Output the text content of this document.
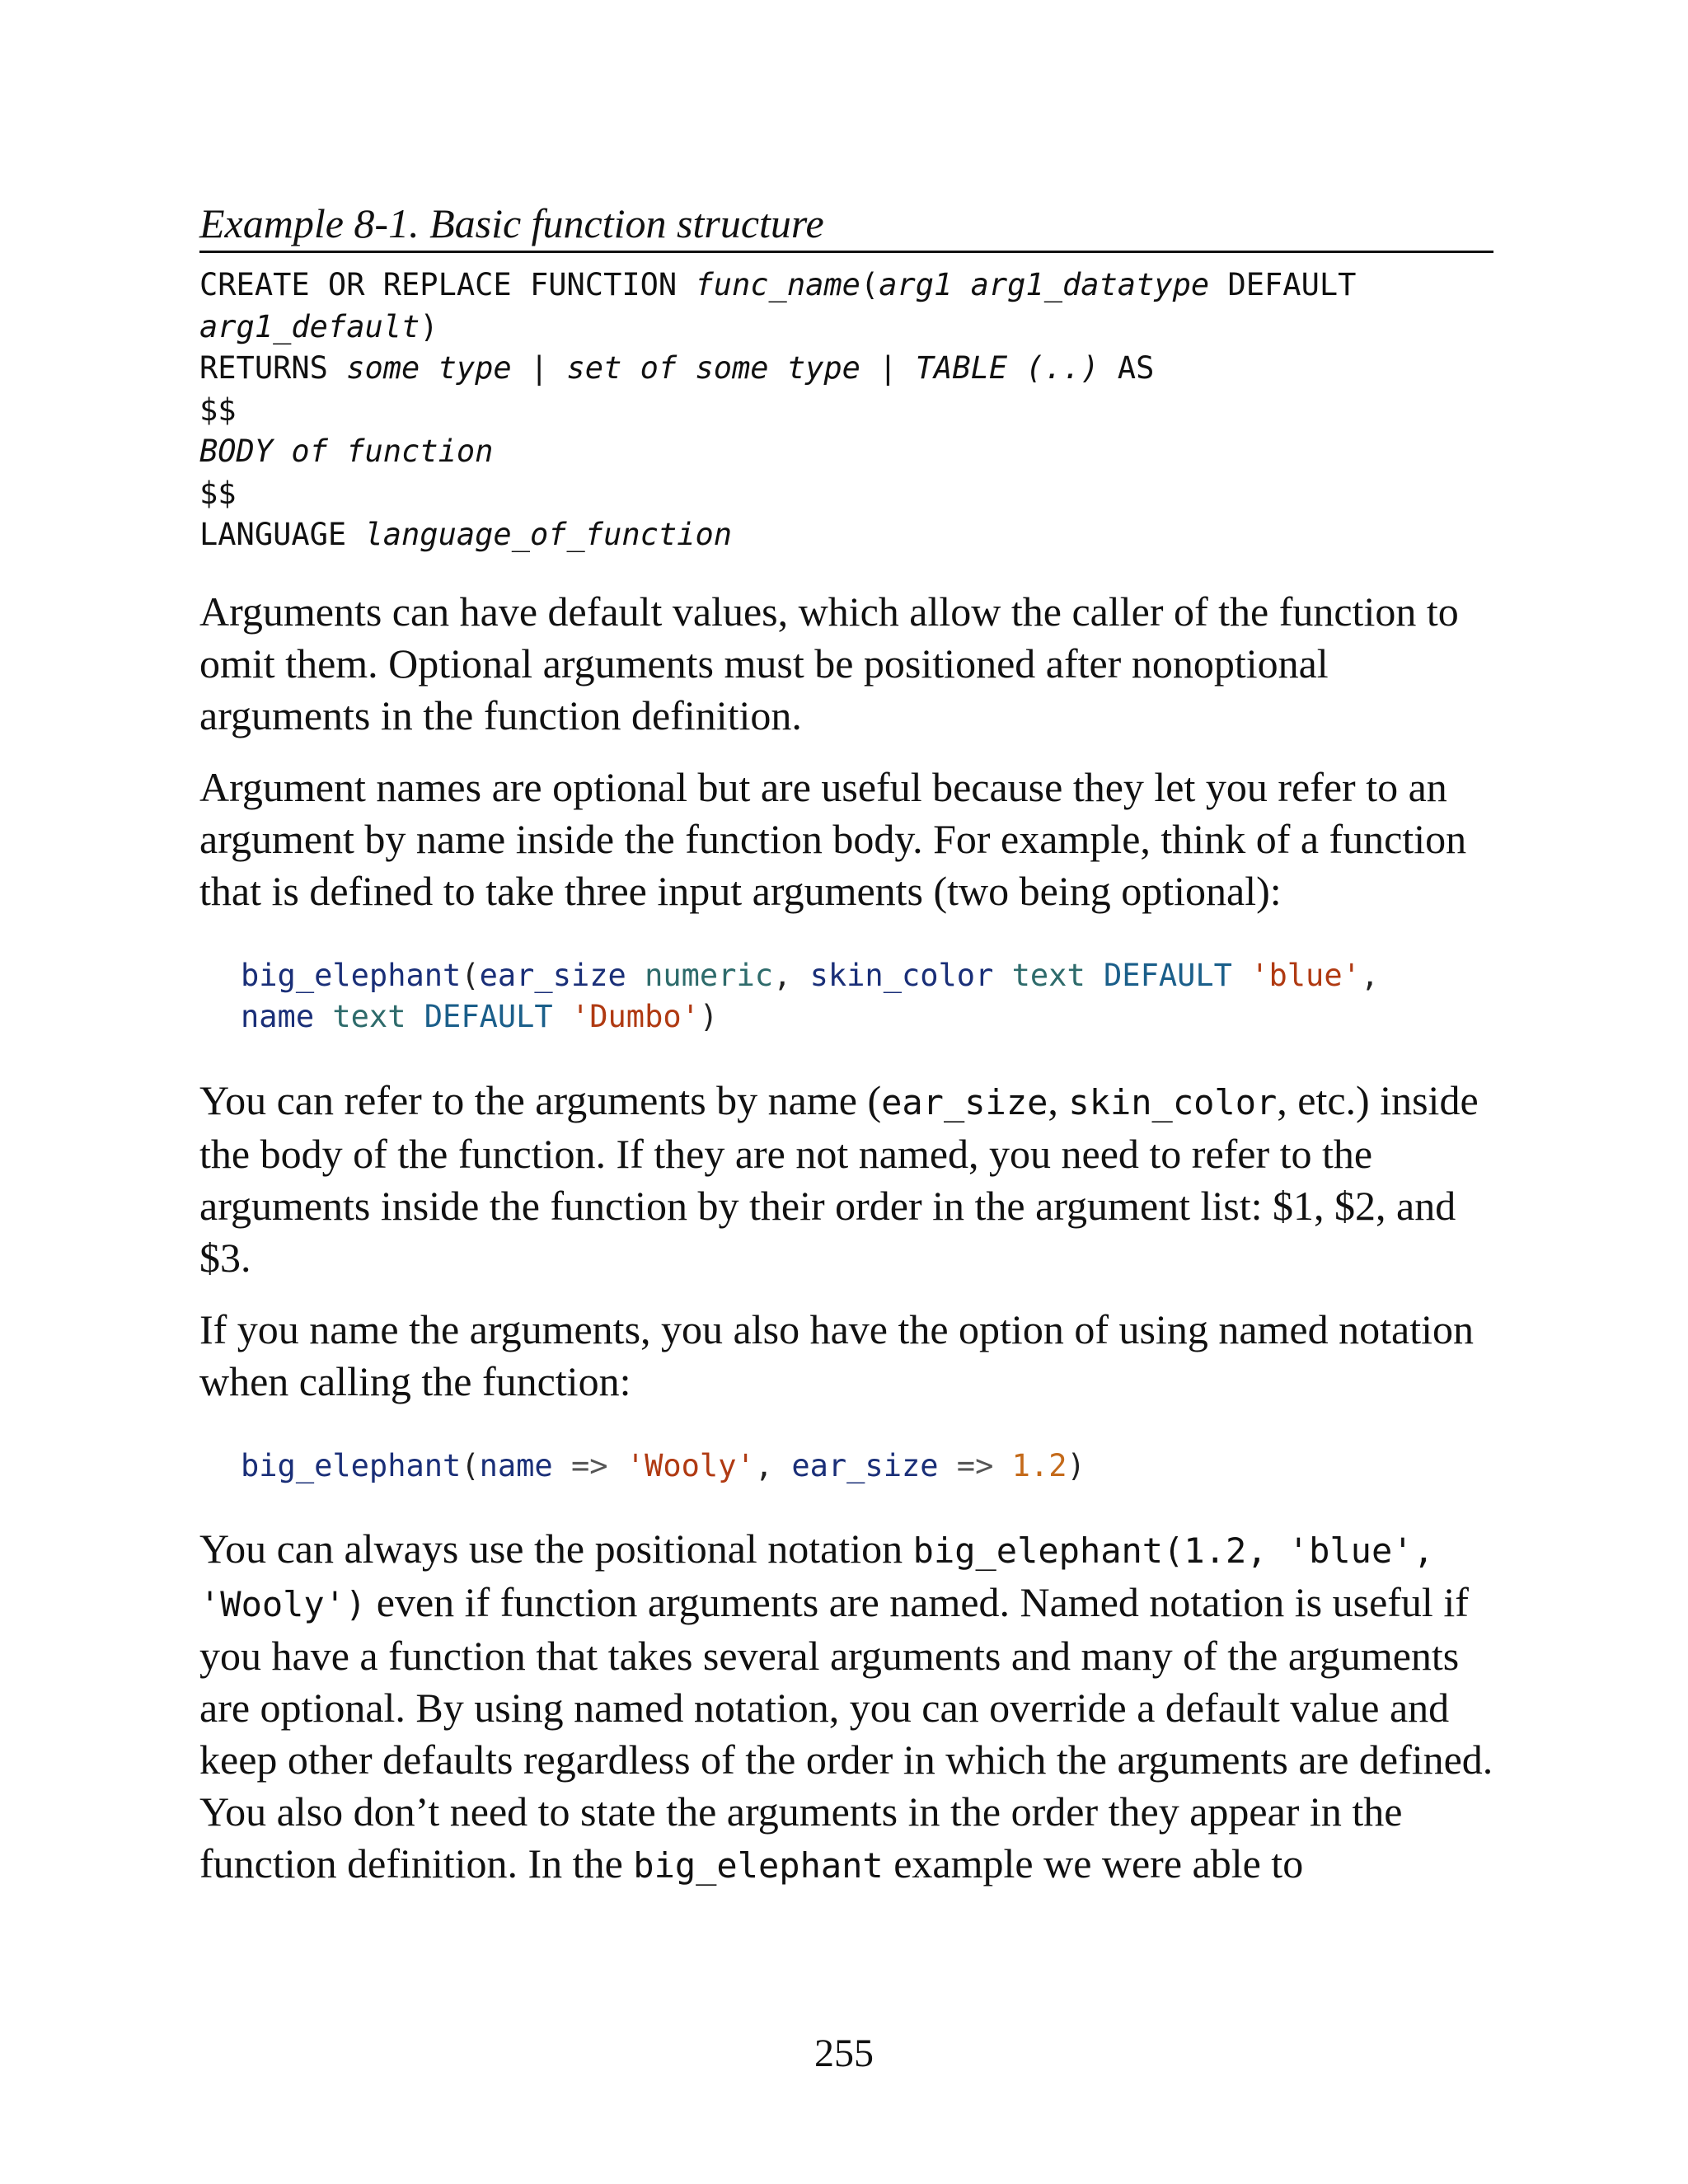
Example 8-1. Basic function structure
CREATE OR REPLACE FUNCTION func_name(arg1 arg1_datatype DEFAULT
arg1_default)
RETURNS some type | set of some type | TABLE (..) AS
$$
BODY of function
$$
LANGUAGE language_of_function

Arguments can have default values, which allow the caller of the function to omit them. Optional arguments must be positioned after nonoptional arguments in the function definition.

Argument names are optional but are useful because they let you refer to an argument by name inside the function body. For example, think of a function that is defined to take three input arguments (two being optional):

big_elephant(ear_size numeric, skin_color text DEFAULT 'blue',
name text DEFAULT 'Dumbo')

You can refer to the arguments by name (ear_size, skin_color, etc.) inside the body of the function. If they are not named, you need to refer to the arguments inside the function by their order in the argument list: $1, $2, and $3.

If you name the arguments, you also have the option of using named notation when calling the function:

big_elephant(name => 'Wooly', ear_size => 1.2)

You can always use the positional notation big_elephant(1.2, 'blue', 'Wooly') even if function arguments are named. Named notation is useful if you have a function that takes several arguments and many of the arguments are optional. By using named notation, you can override a default value and keep other defaults regardless of the order in which the arguments are defined. You also don’t need to state the arguments in the order they appear in the function definition. In the big_elephant example we were able to

255
